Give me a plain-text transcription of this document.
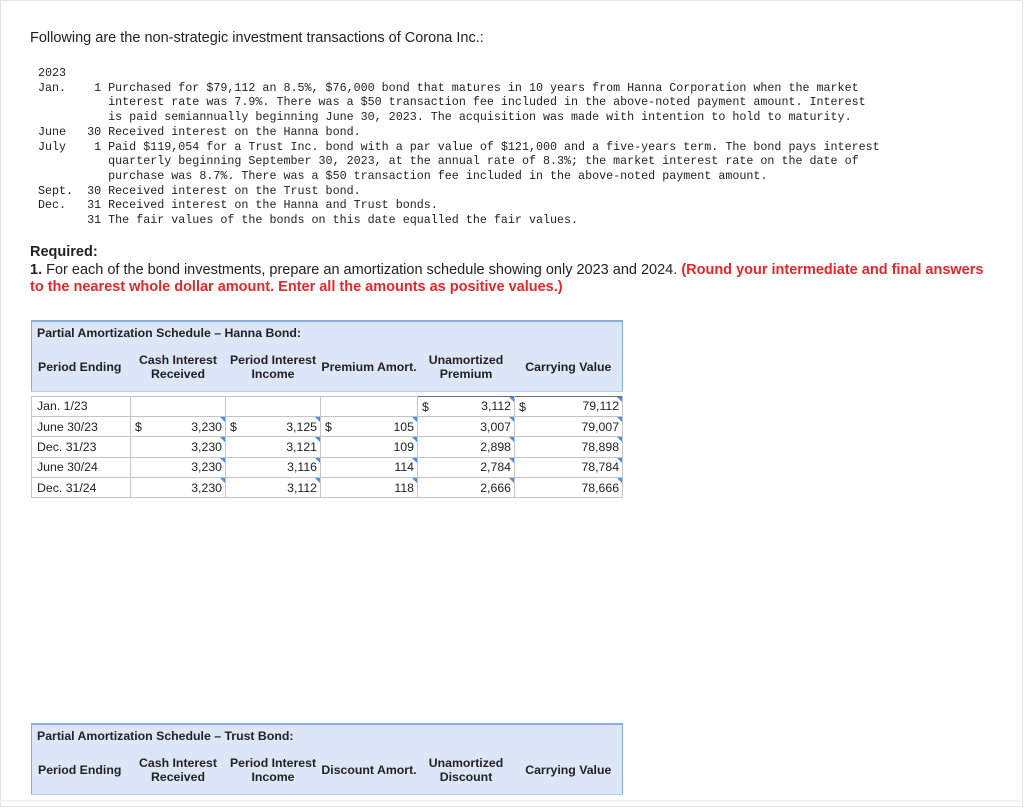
Following are the non-strategic investment transactions of Corona Inc.:
2023
Jan.    1 Purchased for $79,112 an 8.5%, $76,000 bond that matures in 10 years from Hanna Corporation when the market
interest rate was 7.9%. There was a $50 transaction fee included in the above-noted payment amount. Interest
is paid semiannually beginning June 30, 2023. The acquisition was made with intention to hold to maturity.
June   30 Received interest on the Hanna bond.
July    1 Paid $119,054 for a Trust Inc. bond with a par value of $121,000 and a five-years term. The bond pays interest
quarterly beginning September 30, 2023, at the annual rate of 8.3%; the market interest rate on the date of
purchase was 8.7%. There was a $50 transaction fee included in the above-noted payment amount.
Sept.  30 Received interest on the Trust bond.
Dec.   31 Received interest on the Hanna and Trust bonds.
31 The fair values of the bonds on this date equalled the fair values.
Required:
1. For each of the bond investments, prepare an amortization schedule showing only 2023 and 2024. (Round your intermediate and final answers to the nearest whole dollar amount. Enter all the amounts as positive values.)
Partial Amortization Schedule – Hanna Bond:					
Period Ending	Cash Interest Received	Period Interest Income	Premium Amort.	Unamortized Premium	Carrying Value

Jan. 1/23				$ 3,112	$ 79,112
June 30/23	$ 3,230	$ 3,125	$ 105	3,007	79,007
Dec. 31/23	3,230	3,121	109	2,898	78,898
June 30/24	3,230	3,116	114	2,784	78,784
Dec. 31/24	3,230	3,112	118	2,666	78,666
Partial Amortization Schedule – Trust Bond:
Period Ending	Cash Interest Received	Period Interest Income	Discount Amort.	Unamortized Discount	Carrying Value
